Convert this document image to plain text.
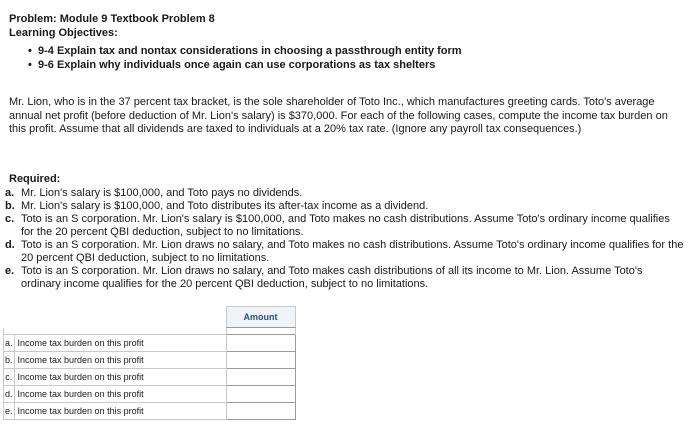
Problem: Module 9 Textbook Problem 8
Learning Objectives:
• 9-4 Explain tax and nontax considerations in choosing a passthrough entity form
• 9-6 Explain why individuals once again can use corporations as tax shelters
Mr. Lion, who is in the 37 percent tax bracket, is the sole shareholder of Toto Inc., which manufactures greeting cards. Toto's average annual net profit (before deduction of Mr. Lion's salary) is $370,000. For each of the following cases, compute the income tax burden on this profit. Assume that all dividends are taxed to individuals at a 20% tax rate. (Ignore any payroll tax consequences.)
Required:
a. Mr. Lion's salary is $100,000, and Toto pays no dividends.
b. Mr. Lion's salary is $100,000, and Toto distributes its after-tax income as a dividend.
c. Toto is an S corporation. Mr. Lion's salary is $100,000, and Toto makes no cash distributions. Assume Toto's ordinary income qualifies for the 20 percent QBI deduction, subject to no limitations.
d. Toto is an S corporation. Mr. Lion draws no salary, and Toto makes no cash distributions. Assume Toto's ordinary income qualifies for the 20 percent QBI deduction, subject to no limitations.
e. Toto is an S corporation. Mr. Lion draws no salary, and Toto makes cash distributions of all its income to Mr. Lion. Assume Toto's ordinary income qualifies for the 20 percent QBI deduction, subject to no limitations.
		Amount

a.	Income tax burden on this profit	
b.	Income tax burden on this profit	
c.	Income tax burden on this profit	
d.	Income tax burden on this profit	
e.	Income tax burden on this profit	
